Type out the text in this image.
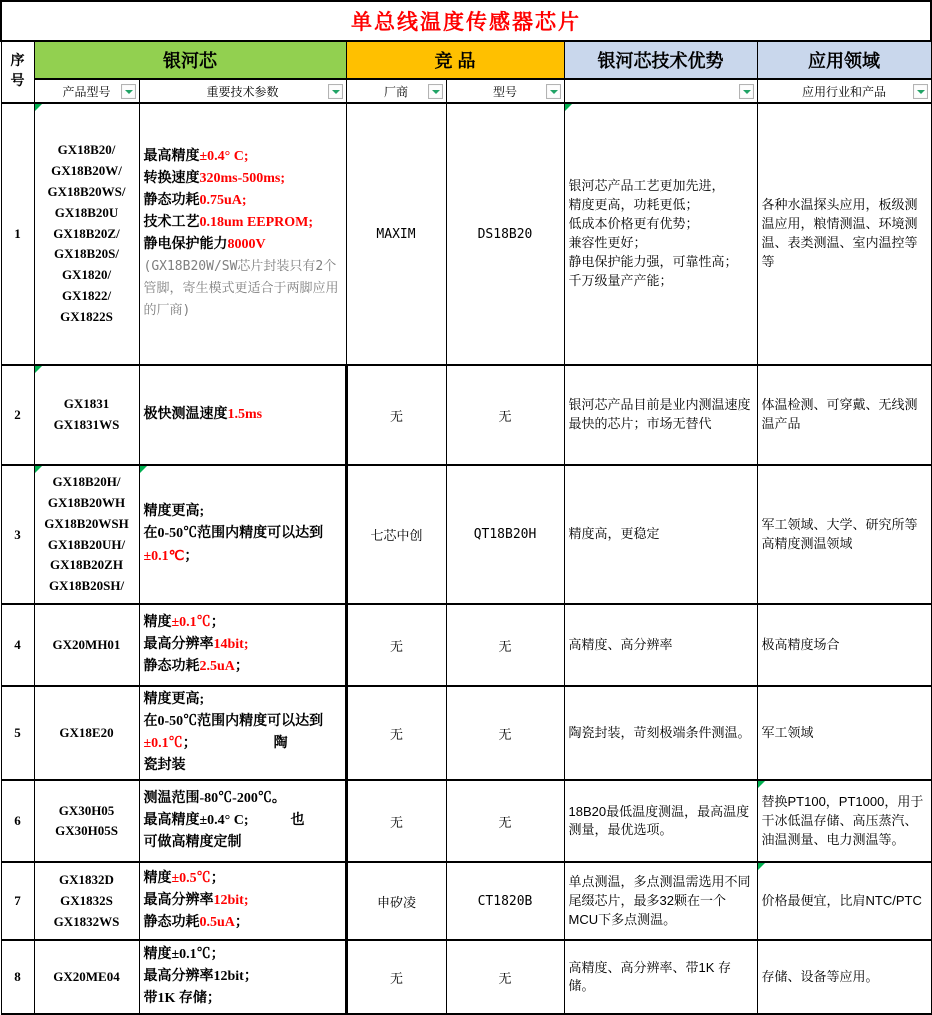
单总线温度传感器芯片						
序
号	银河芯		竞 品		银河芯技术优势	应用领域
	产品型号	重要技术参数	厂商	型号		应用行业和产品

1	GX18B20/
GX18B20W/
GX18B20WS/
GX18B20U
GX18B20Z/
GX18B20S/
GX1820/
GX1822/
GX1822S
	最高精度±0.4° C;
转换速度320ms-500ms;
静态功耗0.75uA;
技术工艺0.18um EEPROM;
静电保护能力8000V
(GX18B20W/SW芯片封装只有2个管脚，寄生模式更适合于两脚应用的厂商)	MAXIM	DS18B20	银河芯产品工艺更加先进，
精度更高，功耗更低；
低成本价格更有优势；
兼容性更好；
静电保护能力强，可靠性高；
千万级量产产能；
	各种水温探头应用，板级测温应用，粮情测温、环境测温、表类测温、室内温控等等
2	GX1831
GX1831WS	极快测温速度1.5ms	无	无	银河芯产品目前是业内测温速度最快的芯片；市场无替代	体温检测、可穿戴、无线测温产品
3	GX18B20H/
GX18B20WH
GX18B20WSH
GX18B20UH/
GX18B20ZH
GX18B20SH/
	精度更高;
在0-50℃范围内精度可以达到
±0.1℃；
	七芯中创	QT18B20H	精度高，更稳定	军工领域、大学、研究所等高精度测温领域
4	GX20MH01	精度±0.1℃；
最高分辨率14bit;
静态功耗2.5uA；	无	无	高精度、高分辨率	极高精度场合
5	GX18E20	精度更高;
在0-50℃范围内精度可以达到
±0.1℃；　　　　　　陶
瓷封装	无	无	陶瓷封装，苛刻极端条件测温。	军工领域
6	GX30H05
GX30H05S	测温范围-80℃-200℃。
最高精度±0.4° C;　　　也
可做高精度定制	无	无	18B20最低温度测温，最高温度测量，最优选项。	替换PT100，PT1000，用于干冰低温存储、高压蒸汽、油温测量、电力测温等。

7	GX1832D
GX1832S
GX1832WS	精度±0.5℃；
最高分辨率12bit;
静态功耗0.5uA；	申矽凌	CT1820B	单点测温，多点测温需选用不同尾缀芯片，最多32颗在一个MCU下多点测温。	价格最便宜，比肩NTC/PTC

8	GX20ME04	精度±0.1℃；
最高分辨率12bit；
带1K 存储；	无	无	高精度、高分辨率、带1K 存储。	存储、设备等应用。
